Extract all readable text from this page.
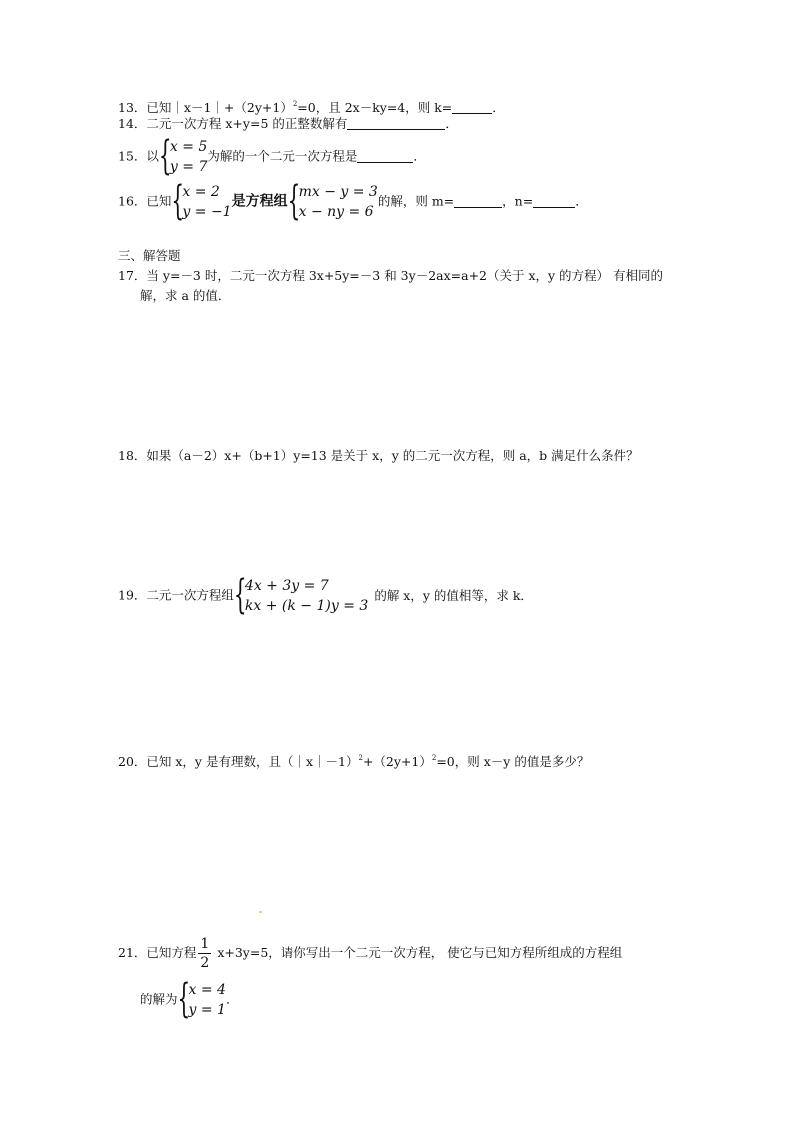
13．已知$|x-1|+(2y+1)^2=0$，且 2x－ky=4，则 k=	．
14．二元一次方程 x+y=5 的正整数解有	．
15．以 {
x = 5
y = 7
为解的一个二元一次方程是	．
16．已知 {
x = 2
y = −1
是方程组 {
mx − y = 3
x − ny = 6
的解，则 m=	，n=	．
三、解答题
17．当 y=－3 时，二元一次方程 3x+5y=－3 和 3y－2ax=a+2（关于 x，y 的方程） 有相同的
解，求 a 的值．
18．如果（a－2）x+（b+1）y=13 是关于 x，y 的二元一次方程，则 a，b 满足什么条件？
19．二元一次方程组 {
4x + 3y = 7
kx + (k − 1)y = 3
的解 x，y 的值相等，求 k．
20．已知 x，y 是有理数，且$(|x|-1)^2+(2y+1)^2=0$，则 x－y 的值是多少？
21．已知方程 $\frac{1}{2} x+3y=5$，请你写出一个二元一次方程， 使它与已知方程所组成的方程组
的解为 {
x = 4
y = 1
．
